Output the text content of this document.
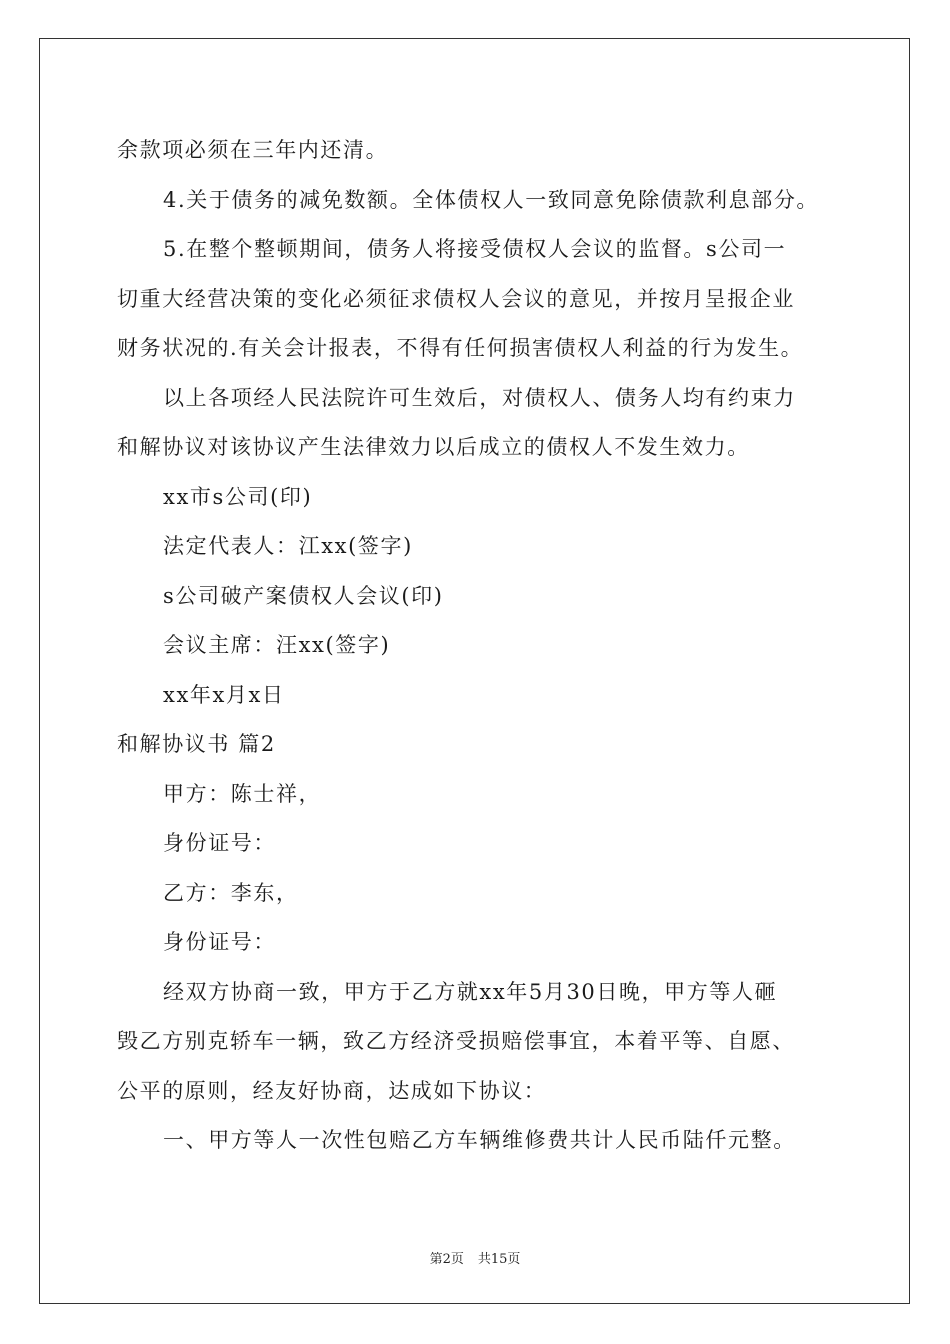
余款项必须在三年内还清。
4.关于债务的减免数额。全体债权人一致同意免除债款利息部分。
5.在整个整顿期间，债务人将接受债权人会议的监督。s公司一
切重大经营决策的变化必须征求债权人会议的意见，并按月呈报企业
财务状况的.有关会计报表，不得有任何损害债权人利益的行为发生。
以上各项经人民法院许可生效后，对债权人、债务人均有约束力
和解协议对该协议产生法律效力以后成立的债权人不发生效力。
xx市s公司(印)
法定代表人：江xx(签字)
s公司破产案债权人会议(印)
会议主席：汪xx(签字)
xx年x月x日
和解协议书 篇2
甲方：陈士祥，
身份证号：
乙方：李东，
身份证号：
经双方协商一致，甲方于乙方就xx年5月30日晚，甲方等人砸
毁乙方别克轿车一辆，致乙方经济受损赔偿事宜，本着平等、自愿、
公平的原则，经友好协商，达成如下协议：
一、甲方等人一次性包赔乙方车辆维修费共计人民币陆仟元整。
第2页 共15页
